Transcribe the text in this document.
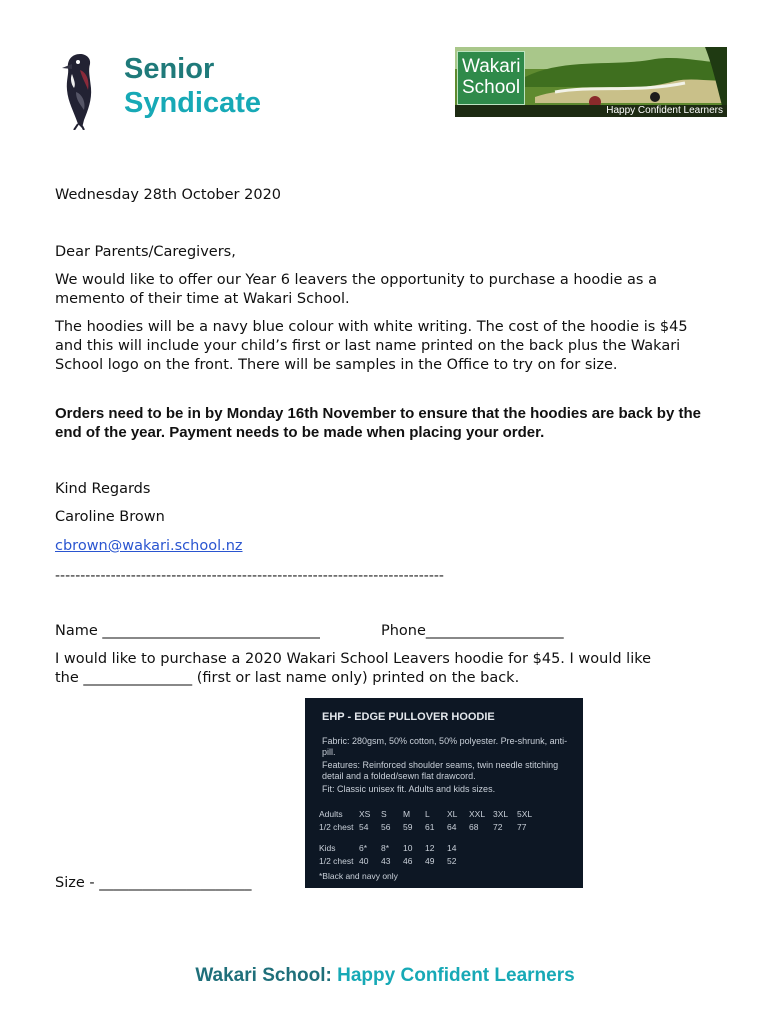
Senior
Syndicate
Wakari
School
Happy Confident Learners
Wednesday 28th October 2020
Dear Parents/Caregivers,
We would like to offer our Year 6 leavers the opportunity to purchase a hoodie as a memento of their time at Wakari School.
The hoodies will be a navy blue colour with white writing. The cost of the hoodie is $45 and this will include your child’s first or last name printed on the back plus the Wakari School logo on the front. There will be samples in the Office to try on for size.
Orders need to be in by Monday 16th November to ensure that the hoodies are back by the end of the year. Payment needs to be made when placing your order.
Kind Regards
Caroline Brown
cbrown@wakari.school.nz
-----------------------------------------------------------------------------
Name ______________________________	Phone___________________
I would like to purchase a 2020 Wakari School Leavers hoodie for $45. I would like
the _______________ (first or last name only) printed on the back.
Size - _____________________
EHP - EDGE PULLOVER HOODIE
Fabric: 280gsm, 50% cotton, 50% polyester. Pre-shrunk, anti-pill.
Features: Reinforced shoulder seams, twin needle stitching detail and a folded/sewn flat drawcord.
Fit: Classic unisex fit. Adults and kids sizes.
Adults XS S M L XL XXL 3XL 5XL
1/2 chest 54 56 59 61 64 68 72 77
Kids	6* 8* 10 12 14
1/2 chest 40 43 46 49 52
*Black and navy only
Wakari School: Happy Confident Learners
